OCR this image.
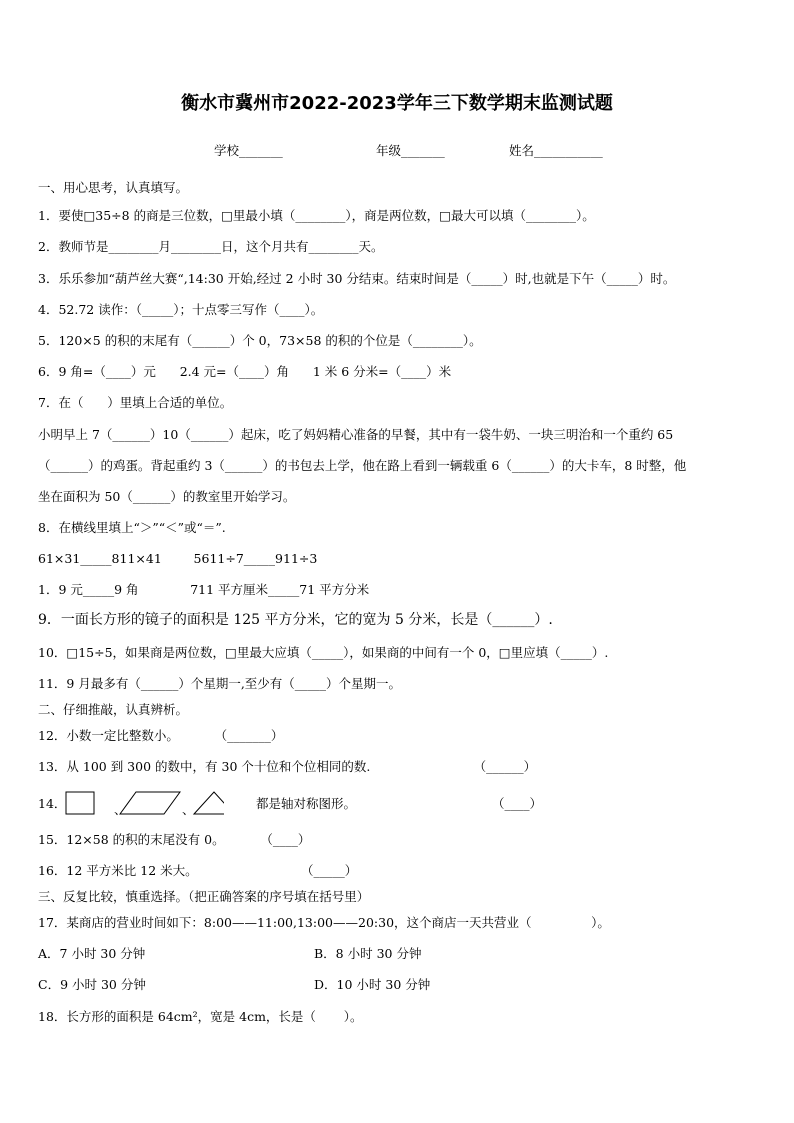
衡水市冀州市2022-2023学年三下数学期末监测试题
学校_______	年级_______	姓名___________
一、用心思考，认真填写。
1．要使□35÷8 的商是三位数，□里最小填（________），商是两位数，□最大可以填（________）。
2．教师节是________月________日，这个月共有________天。
3．乐乐参加“葫芦丝大赛“,14:30 开始,经过 2 小时 30 分结束。结束时间是（_____）时,也就是下午（_____）时。
4．52.72 读作：（_____）；十点零三写作（____）。
5．120×5 的积的末尾有（______）个 0，73×58 的积的个位是（________）。
6．9 角=（____）元      2.4 元=（____）角      1 米 6 分米=（____）米
7．在（      ）里填上合适的单位。
小明早上 7（______）10（______）起床，吃了妈妈精心准备的早餐，其中有一袋牛奶、一块三明治和一个重约 65
（______）的鸡蛋。背起重约 3（______）的书包去上学，他在路上看到一辆载重 6（______）的大卡车，8 时整，他
坐在面积为 50（______）的教室里开始学习。
8．在横线里填上“＞”“＜”或“＝”.
61×31_____811×41        5611÷7_____911÷3
1．9 元_____9 角             711 平方厘米_____71 平方分米
9．一面长方形的镜子的面积是 125 平方分米，它的宽为 5 分米，长是（______）.
10．□15÷5，如果商是两位数，□里最大应填（_____），如果商的中间有一个 0，□里应填（_____）.
11．9 月最多有（______）个星期一,至少有（_____）个星期一。
二、仔细推敲，认真辨析。
12．小数一定比整数小。         （_______）
13．从 100 到 300 的数中，有 30 个十位和个位相同的数.                          （______）
14．	、	、	都是轴对称图形。	（____）
15．12×58 的积的末尾没有 0。         （____）
16．12 平方米比 12 米大。                          （_____）
三、反复比较，慎重选择。（把正确答案的序号填在括号里）
17．某商店的营业时间如下：8:00——11:00,13:00——20:30，这个商店一天共营业（               ）。
A．7 小时 30 分钟	B．8 小时 30 分钟
C．9 小时 30 分钟	D．10 小时 30 分钟
18．长方形的面积是 64cm²，宽是 4cm，长是（       ）。
